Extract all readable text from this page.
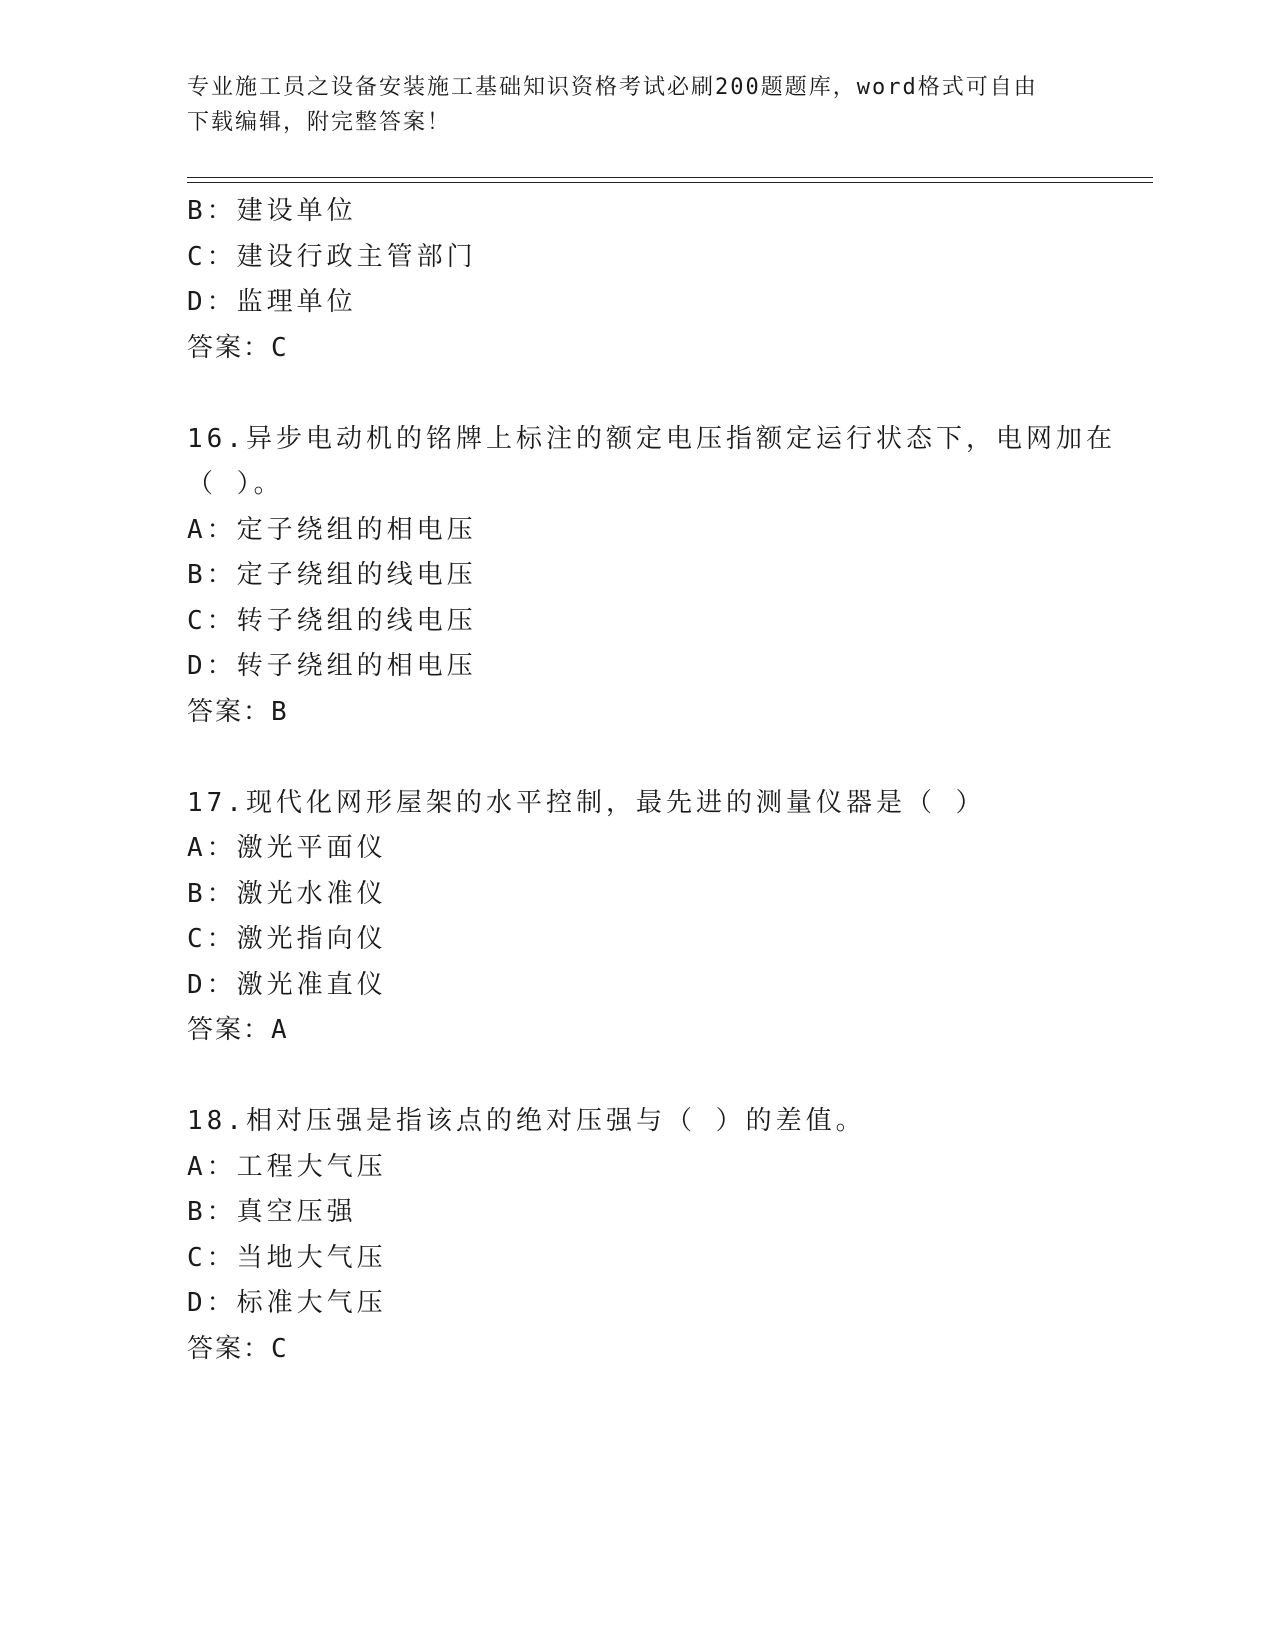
专业施工员之设备安装施工基础知识资格考试必刷200题题库，word格式可自由
下载编辑，附完整答案！
B：建设单位
C：建设行政主管部门
D：监理单位
答案：C
16.异步电动机的铭牌上标注的额定电压指额定运行状态下，电网加在
（ ）。
A：定子绕组的相电压
B：定子绕组的线电压
C：转子绕组的线电压
D：转子绕组的相电压
答案：B
17.现代化网形屋架的水平控制，最先进的测量仪器是（ ）
A：激光平面仪
B：激光水准仪
C：激光指向仪
D：激光准直仪
答案：A
18.相对压强是指该点的绝对压强与（ ）的差值。
A：工程大气压
B：真空压强
C：当地大气压
D：标准大气压
答案：C
